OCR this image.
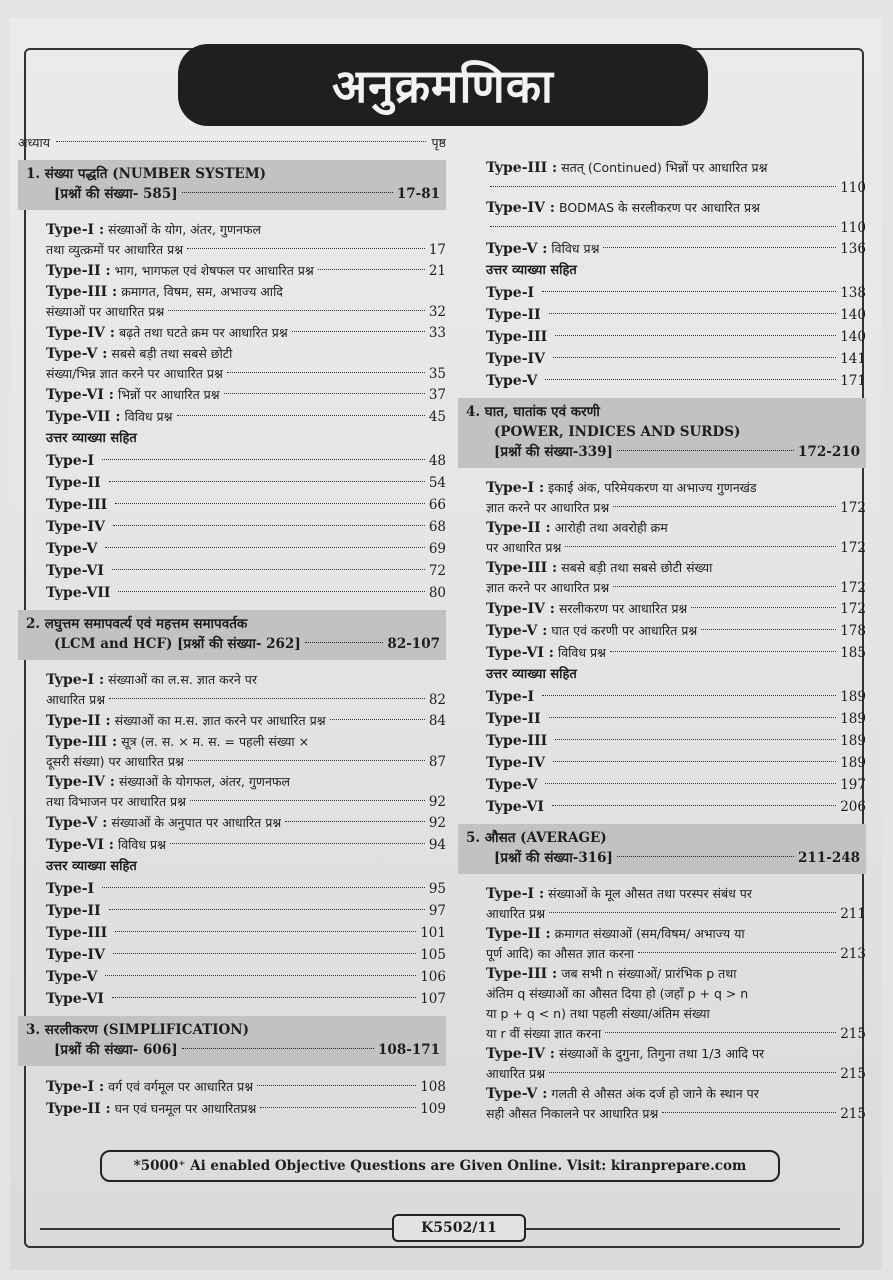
अनुक्रमणिका
अध्याय	पृष्ठ
1. संख्या पद्धति (NUMBER SYSTEM)
[प्रश्नों की संख्या- 585]	17-81
Type-I : संख्याओं के योग, अंतर, गुणनफल
तथा व्युत्क्रमों पर आधारित प्रश्न	17
Type-II : भाग, भागफल एवं शेषफल पर आधारित प्रश्न	21
Type-III : क्रमागत, विषम, सम, अभाज्य आदि
संख्याओं पर आधारित प्रश्न	32
Type-IV : बढ़ते तथा घटते क्रम पर आधारित प्रश्न	33
Type-V : सबसे बड़ी तथा सबसे छोटी
संख्या/भिन्न ज्ञात करने पर आधारित प्रश्न	35
Type-VI : भिन्नों पर आधारित प्रश्न	37
Type-VII : विविध प्रश्न	45
उत्तर व्याख्या सहित
Type-I	48
Type-II	54
Type-III	66
Type-IV	68
Type-V	69
Type-VI	72
Type-VII	80
2. लघुत्तम समापवर्त्य एवं महत्तम समापवर्तक
(LCM and HCF) [प्रश्नों की संख्या- 262]	82-107
Type-I : संख्याओं का ल.स. ज्ञात करने पर
आधारित प्रश्न	82
Type-II : संख्याओं का म.स. ज्ञात करने पर आधारित प्रश्न	84
Type-III : सूत्र (ल. स. × म. स. = पहली संख्या ×
दूसरी संख्या) पर आधारित प्रश्न	87
Type-IV : संख्याओं के योगफल, अंतर, गुणनफल
तथा विभाजन पर आधारित प्रश्न	92
Type-V : संख्याओं के अनुपात पर आधारित प्रश्न	92
Type-VI : विविध प्रश्न	94
उत्तर व्याख्या सहित
Type-I	95
Type-II	97
Type-III	101
Type-IV	105
Type-V	106
Type-VI	107
3. सरलीकरण (SIMPLIFICATION)
[प्रश्नों की संख्या- 606]	108-171
Type-I : वर्ग एवं वर्गमूल पर आधारित प्रश्न	108
Type-II : घन एवं घनमूल पर आधारितप्रश्न	109
Type-III : सतत् (Continued) भिन्नों पर आधारित प्रश्न
110
Type-IV : BODMAS के सरलीकरण पर आधारित प्रश्न
110
Type-V : विविध प्रश्न	136
उत्तर व्याख्या सहित
Type-I	138
Type-II	140
Type-III	140
Type-IV	141
Type-V	171
4. घात, घातांक एवं करणी
(POWER, INDICES AND SURDS)
[प्रश्नों की संख्या-339]	172-210
Type-I : इकाई अंक, परिमेयकरण या अभाज्य गुणनखंड
ज्ञात करने पर आधारित प्रश्न	172
Type-II : आरोही तथा अवरोही क्रम
पर आधारित प्रश्न	172
Type-III : सबसे बड़ी तथा सबसे छोटी संख्या
ज्ञात करने पर आधारित प्रश्न	172
Type-IV : सरलीकरण पर आधारित प्रश्न	172
Type-V : घात एवं करणी पर आधारित प्रश्न	178
Type-VI : विविध प्रश्न	185
उत्तर व्याख्या सहित
Type-I	189
Type-II	189
Type-III	189
Type-IV	189
Type-V	197
Type-VI	206
5. औसत (AVERAGE)
[प्रश्नों की संख्या-316]	211-248
Type-I : संख्याओं के मूल औसत तथा परस्पर संबंध पर
आधारित प्रश्न	211
Type-II : क्रमागत संख्याओं (सम/विषम/ अभाज्य या
पूर्ण आदि) का औसत ज्ञात करना	213
Type-III : जब सभी n संख्याओं/ प्रारंभिक p तथा
अंतिम q संख्याओं का औसत दिया हो (जहाँ p + q > n
या p + q < n) तथा पहली संख्या/अंतिम संख्या
या r वीं संख्या ज्ञात करना	215
Type-IV : संख्याओं के दुगुना, तिगुना तथा 1/3 आदि पर
आधारित प्रश्न	215
Type-V : गलती से औसत अंक दर्ज हो जाने के स्थान पर
सही औसत निकालने पर आधारित प्रश्न	215
*5000⁺ Ai enabled Objective Questions are Given Online. Visit: kiranprepare.com
K5502/11
